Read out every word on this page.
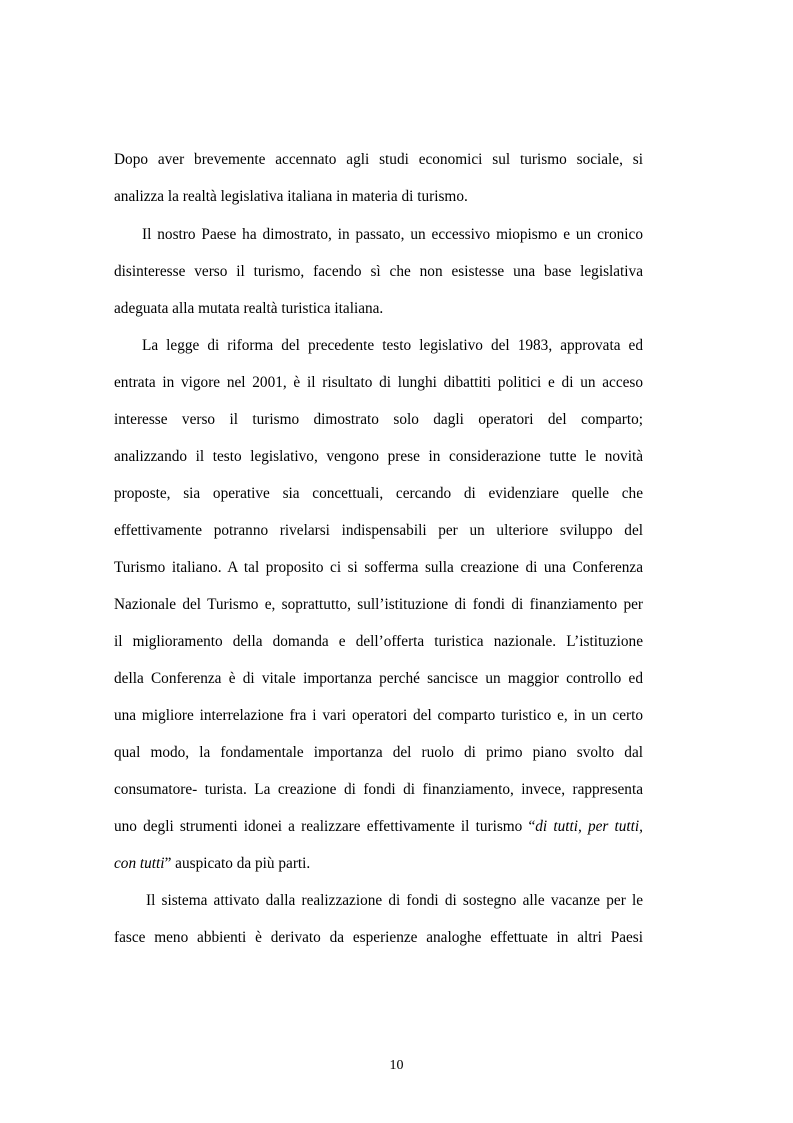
Dopo aver brevemente accennato agli studi economici sul turismo sociale, si
analizza la realtà legislativa italiana in materia di turismo.
Il nostro Paese ha dimostrato, in passato, un eccessivo miopismo e un cronico
disinteresse verso il turismo, facendo sì che non esistesse una base legislativa
adeguata alla mutata realtà turistica italiana.
La legge di riforma del precedente testo legislativo del 1983, approvata ed
entrata in vigore nel 2001, è il risultato di lunghi dibattiti politici e di un acceso
interesse verso il turismo dimostrato solo dagli operatori del comparto;
analizzando il testo legislativo, vengono prese in considerazione tutte le novità
proposte, sia operative sia concettuali, cercando di evidenziare quelle che
effettivamente potranno rivelarsi indispensabili per un ulteriore sviluppo del
Turismo italiano. A tal proposito ci si sofferma sulla creazione di una Conferenza
Nazionale del Turismo e, soprattutto, sull’istituzione di fondi di finanziamento per
il miglioramento della domanda e dell’offerta turistica nazionale. L’istituzione
della Conferenza è di vitale importanza perché sancisce un maggior controllo ed
una migliore interrelazione fra i vari operatori del comparto turistico e, in un certo
qual modo, la fondamentale importanza del ruolo di primo piano svolto dal
consumatore- turista. La creazione di fondi di finanziamento, invece, rappresenta
uno degli strumenti idonei a realizzare effettivamente il turismo “di tutti, per tutti,
con tutti” auspicato da più parti.
Il sistema attivato dalla realizzazione di fondi di sostegno alle vacanze per le
fasce meno abbienti è derivato da esperienze analoghe effettuate in altri Paesi
10
